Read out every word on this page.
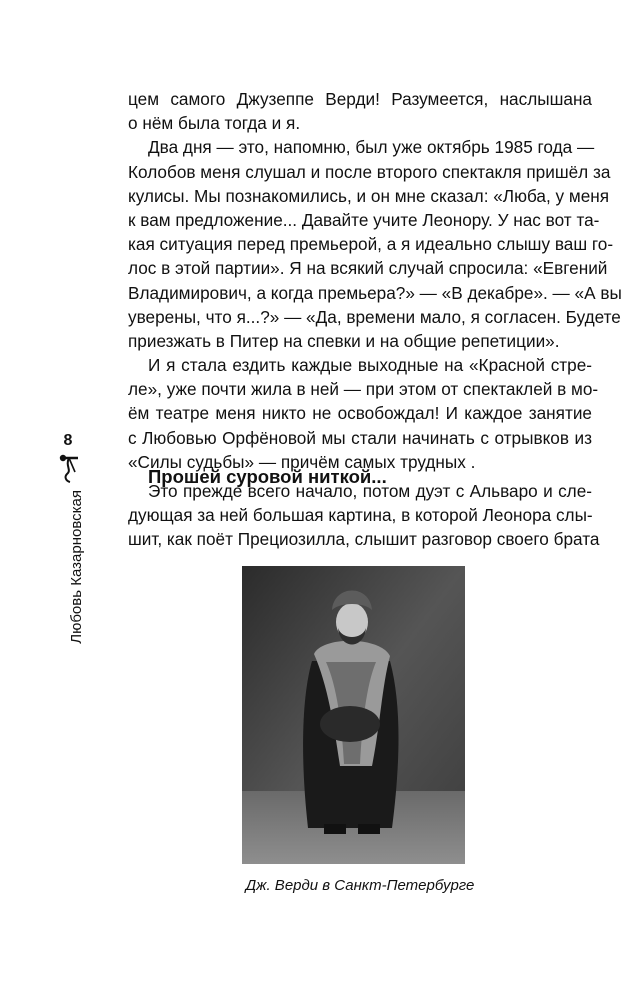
цем самого Джузеппе Верди! Разумеется, наслышана
о нём была тогда и я.
Два дня — это, напомню, был уже октябрь 1985 года —
Колобов меня слушал и после второго спектакля пришёл за
кулисы. Мы познакомились, и он мне сказал: «Люба, у меня
к вам предложение... Давайте учите Леонору. У нас вот та-
кая ситуация перед премьерой, а я идеально слышу ваш го-
лос в этой партии». Я на всякий случай спросила: «Евгений
Владимирович, а когда премьера?» — «В декабре». — «А вы
уверены, что я...?» — «Да, времени мало, я согласен. Будете
приезжать в Питер на спевки и на общие репетиции».
И я стала ездить каждые выходные на «Красной стре-
ле», уже почти жила в ней — при этом от спектаклей в мо-
ём театре меня никто не освобождал! И каждое занятие
с Любовью Орфёновой мы стали начинать с отрывков из
«Силы судьбы» — причём самых трудных .
Прошей суровой ниткой...
Это прежде всего начало, потом дуэт с Альваро и сле-
дующая за ней большая картина, в которой Леонора слы-
шит, как поёт Прециозилла, слышит разговор своего брата
8
Любовь Казарновская
Дж. Верди в Санкт-Петербурге
